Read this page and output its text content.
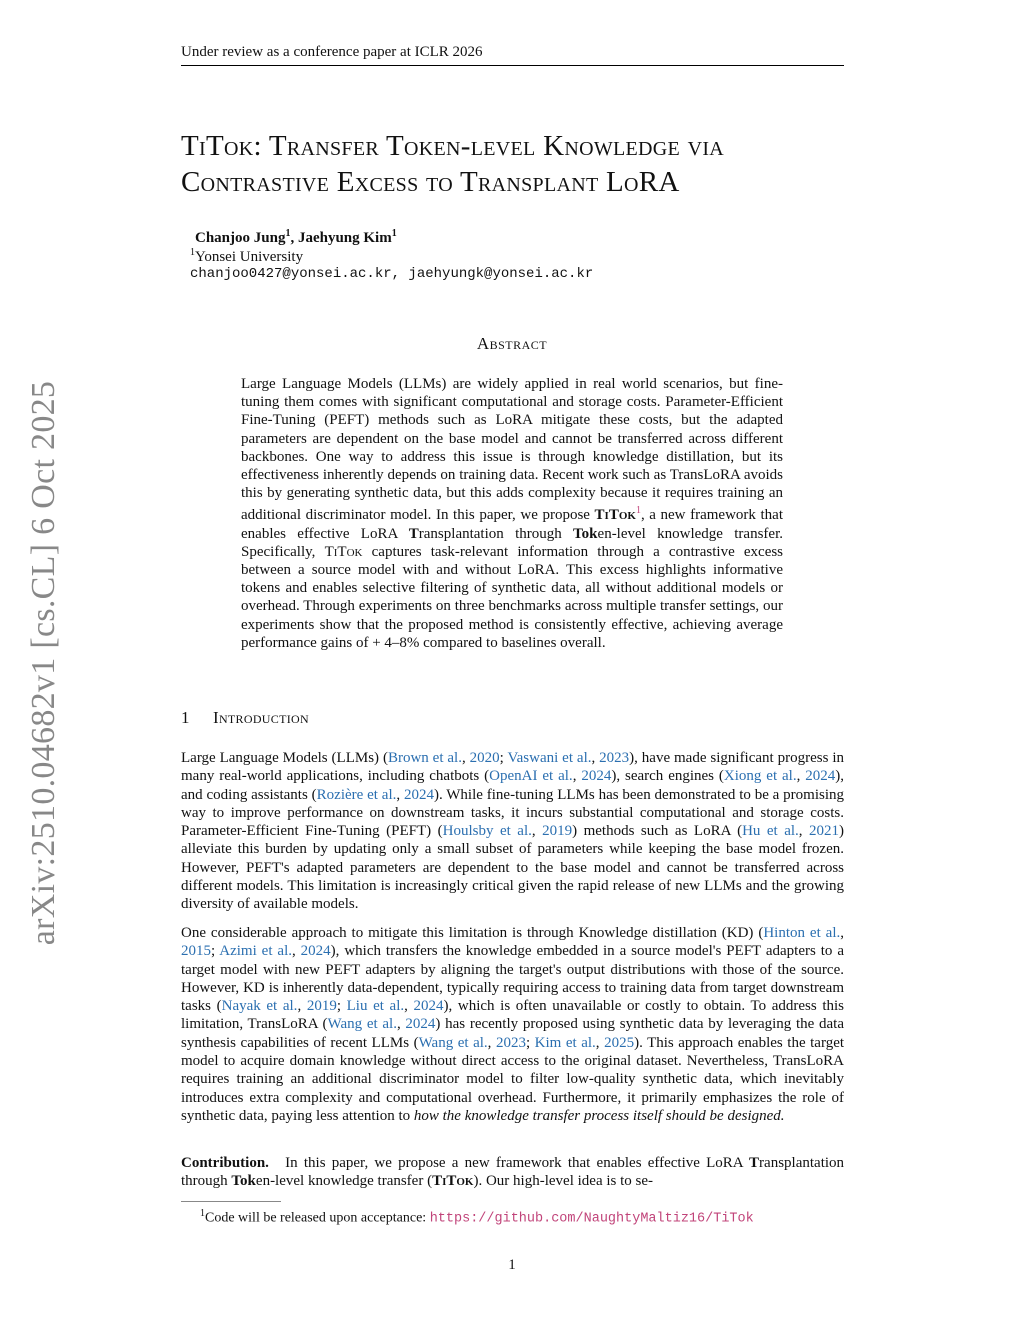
Under review as a conference paper at ICLR 2026
TiTok: Transfer Token-level Knowledge via
Contrastive Excess to Transplant LoRA
Chanjoo Jung$^1$, Jaehyung Kim$^1$
$^1$Yonsei University
chanjoo0427@yonsei.ac.kr, jaehyungk@yonsei.ac.kr
Abstract
Large Language Models (LLMs) are widely applied in real world scenarios, but fine-tuning them comes with significant computational and storage costs. Parameter-Efficient Fine-Tuning (PEFT) methods such as LoRA mitigate these costs, but the adapted parameters are dependent on the base model and cannot be transferred across different backbones. One way to address this issue is through knowledge distillation, but its effectiveness inherently depends on training data. Recent work such as TransLoRA avoids this by generating synthetic data, but this adds complexity because it requires training an additional discriminator model. In this paper, we propose TiTok$^1$, a new framework that enables effective LoRA Transplantation through Token-level knowledge transfer. Specifically, TiTok captures task-relevant information through a contrastive excess between a source model with and without LoRA. This excess highlights informative tokens and enables selective filtering of synthetic data, all without additional models or overhead. Through experiments on three benchmarks across multiple transfer settings, our experiments show that the proposed method is consistently effective, achieving average performance gains of + 4–8% compared to baselines overall.
1 Introduction
Large Language Models (LLMs) (Brown et al., 2020; Vaswani et al., 2023), have made significant progress in many real-world applications, including chatbots (OpenAI et al., 2024), search engines (Xiong et al., 2024), and coding assistants (Rozière et al., 2024). While fine-tuning LLMs has been demonstrated to be a promising way to improve performance on downstream tasks, it incurs substantial computational and storage costs. Parameter-Efficient Fine-Tuning (PEFT) (Houlsby et al., 2019) methods such as LoRA (Hu et al., 2021) alleviate this burden by updating only a small subset of parameters while keeping the base model frozen. However, PEFT's adapted parameters are dependent to the base model and cannot be transferred across different models. This limitation is increasingly critical given the rapid release of new LLMs and the growing diversity of available models.
One considerable approach to mitigate this limitation is through Knowledge distillation (KD) (Hinton et al., 2015; Azimi et al., 2024), which transfers the knowledge embedded in a source model's PEFT adapters to a target model with new PEFT adapters by aligning the target's output distributions with those of the source. However, KD is inherently data-dependent, typically requiring access to training data from target downstream tasks (Nayak et al., 2019; Liu et al., 2024), which is often unavailable or costly to obtain. To address this limitation, TransLoRA (Wang et al., 2024) has recently proposed using synthetic data by leveraging the data synthesis capabilities of recent LLMs (Wang et al., 2023; Kim et al., 2025). This approach enables the target model to acquire domain knowledge without direct access to the original dataset. Nevertheless, TransLoRA requires training an additional discriminator model to filter low-quality synthetic data, which inevitably introduces extra complexity and computational overhead. Furthermore, it primarily emphasizes the role of synthetic data, paying less attention to how the knowledge transfer process itself should be designed.
Contribution. In this paper, we propose a new framework that enables effective LoRA Transplantation through Token-level knowledge transfer (TiTok). Our high-level idea is to se-
$^1$Code will be released upon acceptance: https://github.com/NaughtyMaltiz16/TiTok
1
arXiv:2510.04682v1 [cs.CL] 6 Oct 2025
